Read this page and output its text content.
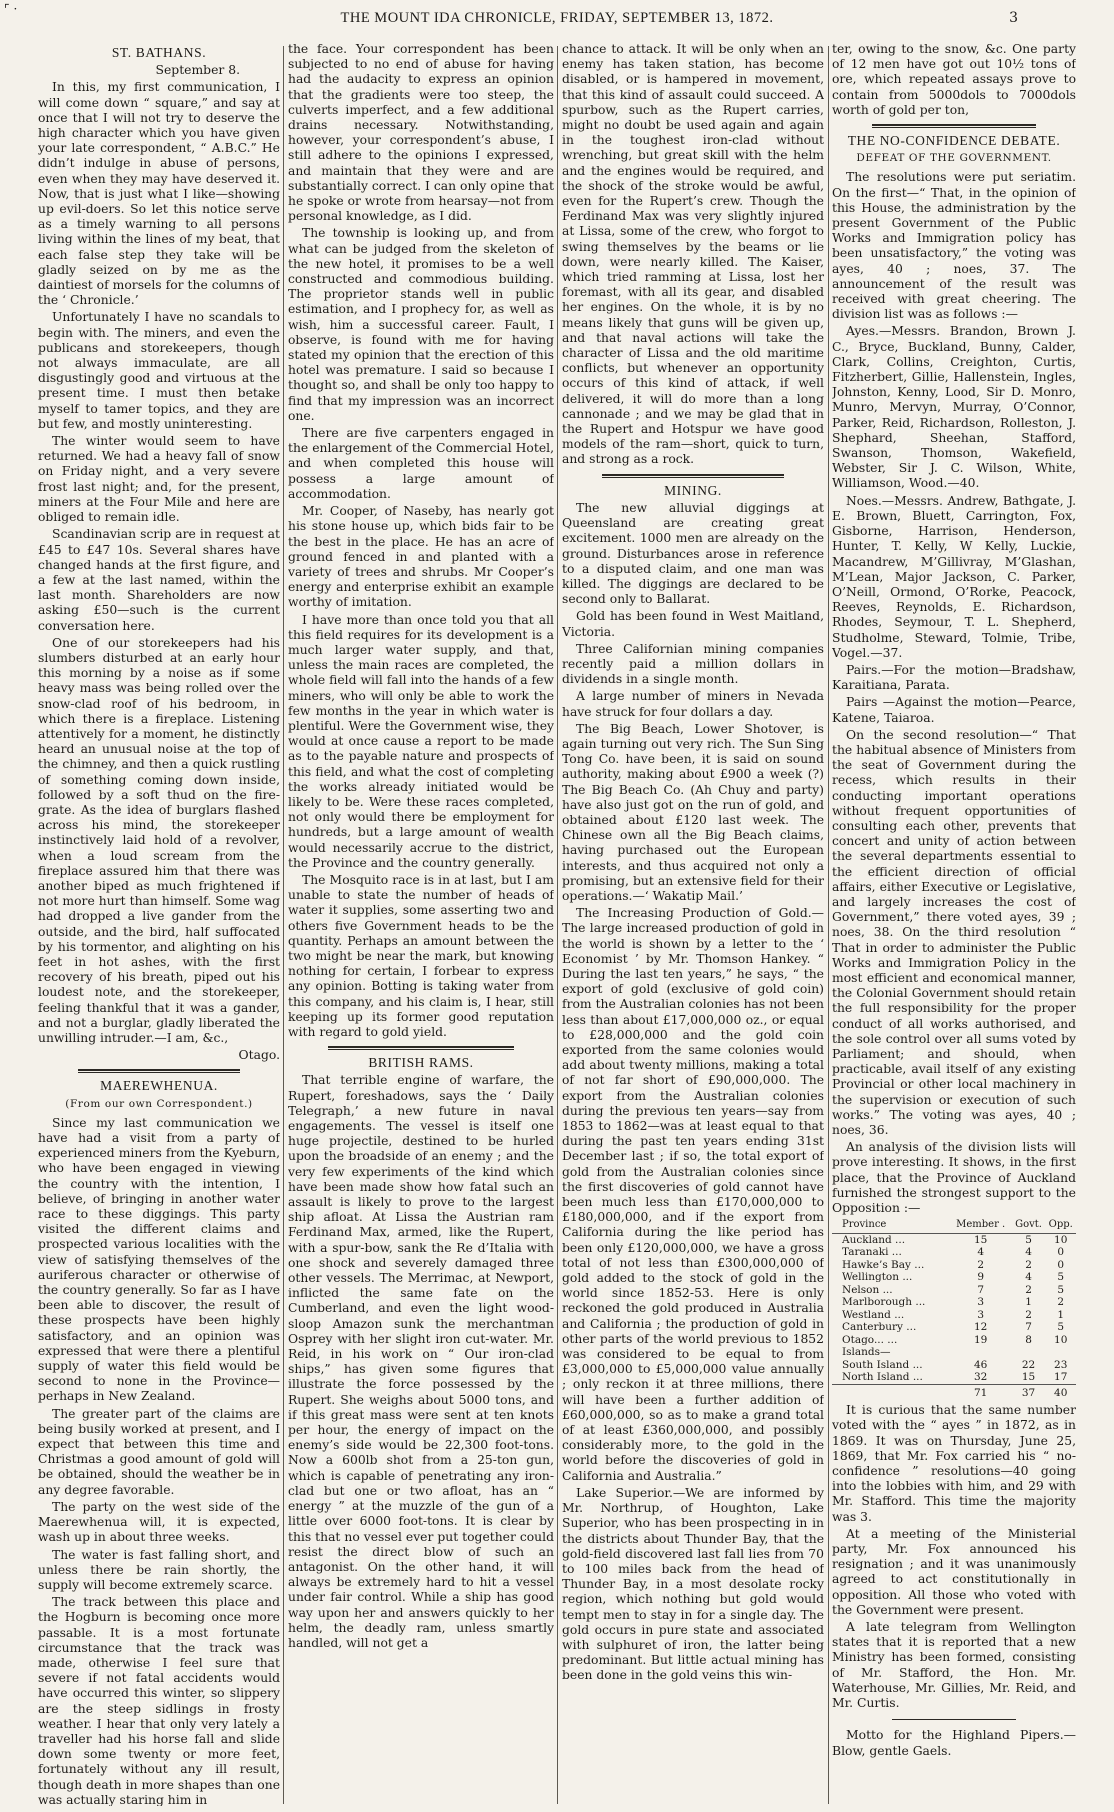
⌜ ·
THE MOUNT IDA CHRONICLE, FRIDAY, SEPTEMBER 13, 1872.	3
ST. BATHANS.

September 8.

In this, my first communication, I will come down “ square,” and say at once that I will not try to deserve the high character which you have given your late correspondent, “ A.B.C.” He didn’t indulge in abuse of persons, even when they may have deserved it. Now, that is just what I like—showing up evil-doers. So let this notice serve as a timely warning to all persons living within the lines of my beat, that each false step they take will be gladly seized on by me as the daintiest of morsels for the columns of the ‘ Chronicle.’

Unfortunately I have no scandals to begin with. The miners, and even the publicans and storekeepers, though not always immaculate, are all disgustingly good and virtuous at the present time. I must then betake myself to tamer topics, and they are but few, and mostly uninteresting.

The winter would seem to have returned. We had a heavy fall of snow on Friday night, and a very severe frost last night; and, for the present, miners at the Four Mile and here are obliged to remain idle.

Scandinavian scrip are in request at £45 to £47 10s. Several shares have changed hands at the first figure, and a few at the last named, within the last month. Shareholders are now asking £50—such is the current conversation here.

One of our storekeepers had his slumbers disturbed at an early hour this morning by a noise as if some heavy mass was being rolled over the snow-clad roof of his bedroom, in which there is a fireplace. Listening attentively for a moment, he distinctly heard an unusual noise at the top of the chimney, and then a quick rustling of something coming down inside, followed by a soft thud on the fire-grate. As the idea of burglars flashed across his mind, the storekeeper instinctively laid hold of a revolver, when a loud scream from the fireplace assured him that there was another biped as much frightened if not more hurt than himself. Some wag had dropped a live gander from the outside, and the bird, half suffocated by his tormentor, and alighting on his feet in hot ashes, with the first recovery of his breath, piped out his loudest note, and the storekeeper, feeling thankful that it was a gander, and not a burglar, gladly liberated the unwilling intruder.—I am, &c.,

Otago.

MAEREWHENUA.
(From our own Correspondent.)

Since my last communication we have had a visit from a party of experienced miners from the Kyeburn, who have been engaged in viewing the country with the intention, I believe, of bringing in another water race to these diggings. This party visited the different claims and prospected various localities with the view of satisfying themselves of the auriferous character or otherwise of the country generally. So far as I have been able to discover, the result of these prospects have been highly satisfactory, and an opinion was expressed that were there a plentiful supply of water this field would be second to none in the Province—perhaps in New Zealand.

The greater part of the claims are being busily worked at present, and I expect that between this time and Christmas a good amount of gold will be obtained, should the weather be in any degree favorable.

The party on the west side of the Maerewhenua will, it is expected, wash up in about three weeks.

The water is fast falling short, and unless there be rain shortly, the supply will become extremely scarce.

The track between this place and the Hogburn is becoming once more passable. It is a most fortunate circumstance that the track was made, otherwise I feel sure that severe if not fatal accidents would have occurred this winter, so slippery are the steep sidlings in frosty weather. I hear that only very lately a traveller had his horse fall and slide down some twenty or more feet, fortunately without any ill result, though death in more shapes than one was actually staring him in

the face. Your correspondent has been subjected to no end of abuse for having had the audacity to express an opinion that the gradients were too steep, the culverts imperfect, and a few additional drains necessary. Notwithstanding, however, your correspondent’s abuse, I still adhere to the opinions I expressed, and maintain that they were and are substantially correct. I can only opine that he spoke or wrote from hearsay—not from personal knowledge, as I did.

The township is looking up, and from what can be judged from the skeleton of the new hotel, it promises to be a well constructed and commodious building. The proprietor stands well in public estimation, and I prophecy for, as well as wish, him a successful career. Fault, I observe, is found with me for having stated my opinion that the erection of this hotel was premature. I said so because I thought so, and shall be only too happy to find that my impression was an incorrect one.

There are five carpenters engaged in the enlargement of the Commercial Hotel, and when completed this house will possess a large amount of accommodation.

Mr. Cooper, of Naseby, has nearly got his stone house up, which bids fair to be the best in the place. He has an acre of ground fenced in and planted with a variety of trees and shrubs. Mr Cooper’s energy and enterprise exhibit an example worthy of imitation.

I have more than once told you that all this field requires for its development is a much larger water supply, and that, unless the main races are completed, the whole field will fall into the hands of a few miners, who will only be able to work the few months in the year in which water is plentiful. Were the Government wise, they would at once cause a report to be made as to the payable nature and prospects of this field, and what the cost of completing the works already initiated would be likely to be. Were these races completed, not only would there be employment for hundreds, but a large amount of wealth would necessarily accrue to the district, the Province and the country generally.

The Mosquito race is in at last, but I am unable to state the number of heads of water it supplies, some asserting two and others five Government heads to be the quantity. Perhaps an amount between the two might be near the mark, but knowing nothing for certain, I forbear to express any opinion. Botting is taking water from this company, and his claim is, I hear, still keeping up its former good reputation with regard to gold yield.

BRITISH RAMS.

That terrible engine of warfare, the Rupert, foreshadows, says the ‘ Daily Telegraph,’ a new future in naval engagements. The vessel is itself one huge projectile, destined to be hurled upon the broadside of an enemy ; and the very few experiments of the kind which have been made show how fatal such an assault is likely to prove to the largest ship afloat. At Lissa the Austrian ram Ferdinand Max, armed, like the Rupert, with a spur-bow, sank the Re d’Italia with one shock and severely damaged three other vessels. The Merrimac, at Newport, inflicted the same fate on the Cumberland, and even the light wood-sloop Amazon sunk the merchantman Osprey with her slight iron cut-water. Mr. Reid, in his work on “ Our iron-clad ships,” has given some figures that illustrate the force possessed by the Rupert. She weighs about 5000 tons, and if this great mass were sent at ten knots per hour, the energy of impact on the enemy’s side would be 22,300 foot-tons. Now a 600lb shot from a 25-ton gun, which is capable of penetrating any iron-clad but one or two afloat, has an “ energy ” at the muzzle of the gun of a little over 6000 foot-tons. It is clear by this that no vessel ever put together could resist the direct blow of such an antagonist. On the other hand, it will always be extremely hard to hit a vessel under fair control. While a ship has good way upon her and answers quickly to her helm, the deadly ram, unless smartly handled, will not get a

chance to attack. It will be only when an enemy has taken station, has become disabled, or is hampered in movement, that this kind of assault could succeed. A spurbow, such as the Rupert carries, might no doubt be used again and again in the toughest iron-clad without wrenching, but great skill with the helm and the engines would be required, and the shock of the stroke would be awful, even for the Rupert’s crew. Though the Ferdinand Max was very slightly injured at Lissa, some of the crew, who forgot to swing themselves by the beams or lie down, were nearly killed. The Kaiser, which tried ramming at Lissa, lost her foremast, with all its gear, and disabled her engines. On the whole, it is by no means likely that guns will be given up, and that naval actions will take the character of Lissa and the old maritime conflicts, but whenever an opportunity occurs of this kind of attack, if well delivered, it will do more than a long cannonade ; and we may be glad that in the Rupert and Hotspur we have good models of the ram—short, quick to turn, and strong as a rock.

MINING.

The new alluvial diggings at Queensland are creating great excitement. 1000 men are already on the ground. Disturbances arose in reference to a disputed claim, and one man was killed. The diggings are declared to be second only to Ballarat.

Gold has been found in West Maitland, Victoria.

Three Californian mining companies recently paid a million dollars in dividends in a single month.

A large number of miners in Nevada have struck for four dollars a day.

The Big Beach, Lower Shotover, is again turning out very rich. The Sun Sing Tong Co. have been, it is said on sound authority, making about £900 a week (?) The Big Beach Co. (Ah Chuy and party) have also just got on the run of gold, and obtained about £120 last week. The Chinese own all the Big Beach claims, having purchased out the European interests, and thus acquired not only a promising, but an extensive field for their operations.—‘ Wakatip Mail.’

The Increasing Production of Gold.—The large increased production of gold in the world is shown by a letter to the ‘ Economist ’ by Mr. Thomson Hankey. “ During the last ten years,” he says, “ the export of gold (exclusive of gold coin) from the Australian colonies has not been less than about £17,000,000 oz., or equal to £28,000,000 and the gold coin exported from the same colonies would add about twenty millions, making a total of not far short of £90,000,000. The export from the Australian colonies during the previous ten years—say from 1853 to 1862—was at least equal to that during the past ten years ending 31st December last ; if so, the total export of gold from the Australian colonies since the first discoveries of gold cannot have been much less than £170,000,000 to £180,000,000, and if the export from California during the like period has been only £120,000,000, we have a gross total of not less than £300,000,000 of gold added to the stock of gold in the world since 1852-53. Here is only reckoned the gold produced in Australia and California ; the production of gold in other parts of the world previous to 1852 was considered to be equal to from £3,000,000 to £5,000,000 value annually ; only reckon it at three millions, there will have been a further addition of £60,000,000, so as to make a grand total of at least £360,000,000, and possibly considerably more, to the gold in the world before the discoveries of gold in California and Australia.”

Lake Superior.—We are informed by Mr. Northrup, of Houghton, Lake Superior, who has been prospecting in in the districts about Thunder Bay, that the gold-field discovered last fall lies from 70 to 100 miles back from the head of Thunder Bay, in a most desolate rocky region, which nothing but gold would tempt men to stay in for a single day. The gold occurs in pure state and associated with sulphuret of iron, the latter being predominant. But little actual mining has been done in the gold veins this win-

ter, owing to the snow, &c. One party of 12 men have got out 10½ tons of ore, which repeated assays prove to contain from 5000dols to 7000dols worth of gold per ton,

THE NO-CONFIDENCE DEBATE.
DEFEAT OF THE GOVERNMENT.

The resolutions were put seriatim. On the first—“ That, in the opinion of this House, the administration by the present Government of the Public Works and Immigration policy has been unsatisfactory,” the voting was ayes, 40 ; noes, 37. The announcement of the result was received with great cheering. The division list was as follows :—

Ayes.—Messrs. Brandon, Brown J. C., Bryce, Buckland, Bunny, Calder, Clark, Collins, Creighton, Curtis, Fitzherbert, Gillie, Hallenstein, Ingles, Johnston, Kenny, Lood, Sir D. Monro, Munro, Mervyn, Murray, O’Connor, Parker, Reid, Richardson, Rolleston, J. Shephard, Sheehan, Stafford, Swanson, Thomson, Wakefield, Webster, Sir J. C. Wilson, White, Williamson, Wood.—40.

Noes.—Messrs. Andrew, Bathgate, J. E. Brown, Bluett, Carrington, Fox, Gisborne, Harrison, Henderson, Hunter, T. Kelly, W Kelly, Luckie, Macandrew, M’Gillivray, M’Glashan, M’Lean, Major Jackson, C. Parker, O’Neill, Ormond, O’Rorke, Peacock, Reeves, Reynolds, E. Richardson, Rhodes, Seymour, T. L. Shepherd, Studholme, Steward, Tolmie, Tribe, Vogel.—37.

Pairs.—For the motion—Bradshaw, Karaitiana, Parata.

Pairs —Against the motion—Pearce, Katene, Taiaroa.

On the second resolution—“ That the habitual absence of Ministers from the seat of Government during the recess, which results in their conducting important operations without frequent opportunities of consulting each other, prevents that concert and unity of action between the several departments essential to the efficient direction of official affairs, either Executive or Legislative, and largely increases the cost of Government,” there voted ayes, 39 ; noes, 38. On the third resolution “ That in order to administer the Public Works and Immigration Policy in the most efficient and economical manner, the Colonial Government should retain the full responsibility for the proper conduct of all works authorised, and the sole control over all sums voted by Parliament; and should, when practicable, avail itself of any existing Provincial or other local machinery in the supervision or execution of such works.” The voting was ayes, 40 ; noes, 36.

An analysis of the division lists will prove interesting. It shows, in the first place, that the Province of Auckland furnished the strongest support to the Opposition :—

Province	Member .	Govt.	Opp.
Auckland ...	15	5	10
Taranaki ...	4	4	0
Hawke’s Bay ...	2	2	0
Wellington ...	9	4	5
Nelson ...	7	2	5
Marlborough ...	3	1	2
Westland ...	3	2	1
Canterbury ...	12	7	5
Otago... ...	19	8	10
Islands—			
South Island ...	46	22	23
North Island ...	32	15	17
	71	37	40

It is curious that the same number voted with the “ ayes ” in 1872, as in 1869. It was on Thursday, June 25, 1869, that Mr. Fox carried his “ no-confidence ” resolutions—40 going into the lobbies with him, and 29 with Mr. Stafford. This time the majority was 3.

At a meeting of the Ministerial party, Mr. Fox announced his resignation ; and it was unanimously agreed to act constitutionally in opposition. All those who voted with the Government were present.

A late telegram from Wellington states that it is reported that a new Ministry has been formed, consisting of Mr. Stafford, the Hon. Mr. Waterhouse, Mr. Gillies, Mr. Reid, and Mr. Curtis.

Motto for the Highland Pipers.—Blow, gentle Gaels.
